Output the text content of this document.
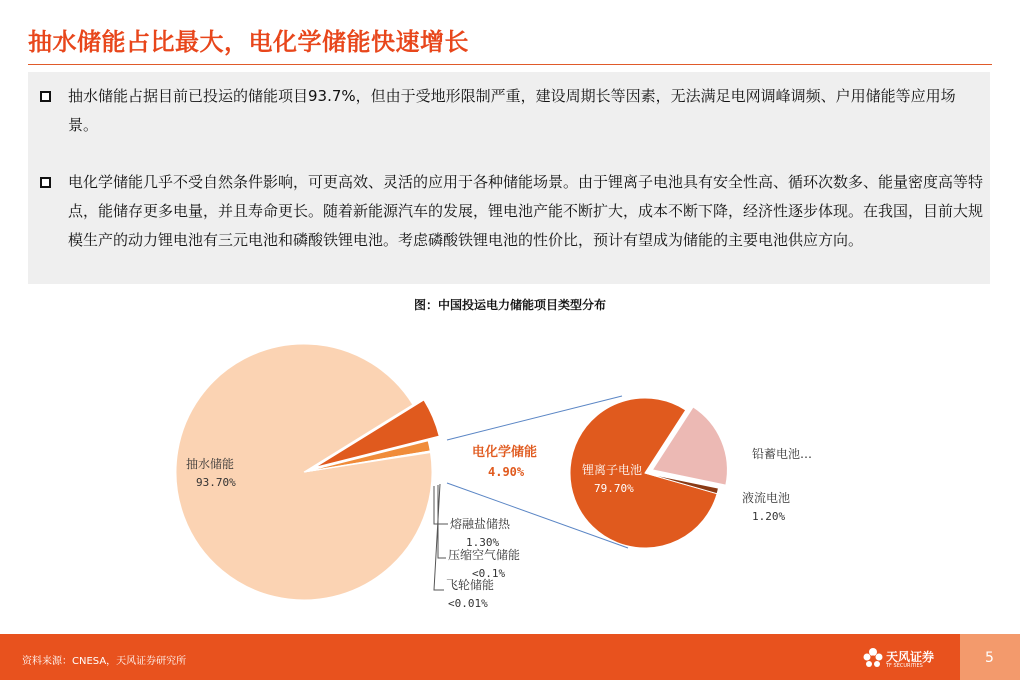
抽水储能占比最大，电化学储能快速增长
抽水储能占据目前已投运的储能项目93.7%，但由于受地形限制严重，建设周期长等因素，无法满足电网调峰调频、户用储能等应用场景。
电化学储能几乎不受自然条件影响，可更高效、灵活的应用于各种储能场景。由于锂离子电池具有安全性高、循环次数多、能量密度高等特点，能储存更多电量，并且寿命更长。随着新能源汽车的发展，锂电池产能不断扩大，成本不断下降，经济性逐步体现。在我国，目前大规模生产的动力锂电池有三元电池和磷酸铁锂电池。考虑磷酸铁锂电池的性价比，预计有望成为储能的主要电池供应方向。
图：中国投运电力储能项目类型分布
抽水储能
93.70%
电化学储能
4.90%
熔融盐储热
1.30%
压缩空气储能
<0.1%
飞轮储能
<0.01%
锂离子电池
79.70%
铅蓄电池…
液流电池
1.20%
资料来源：CNESA，天风证券研究所	天风证券
TF SECURITIES	5
